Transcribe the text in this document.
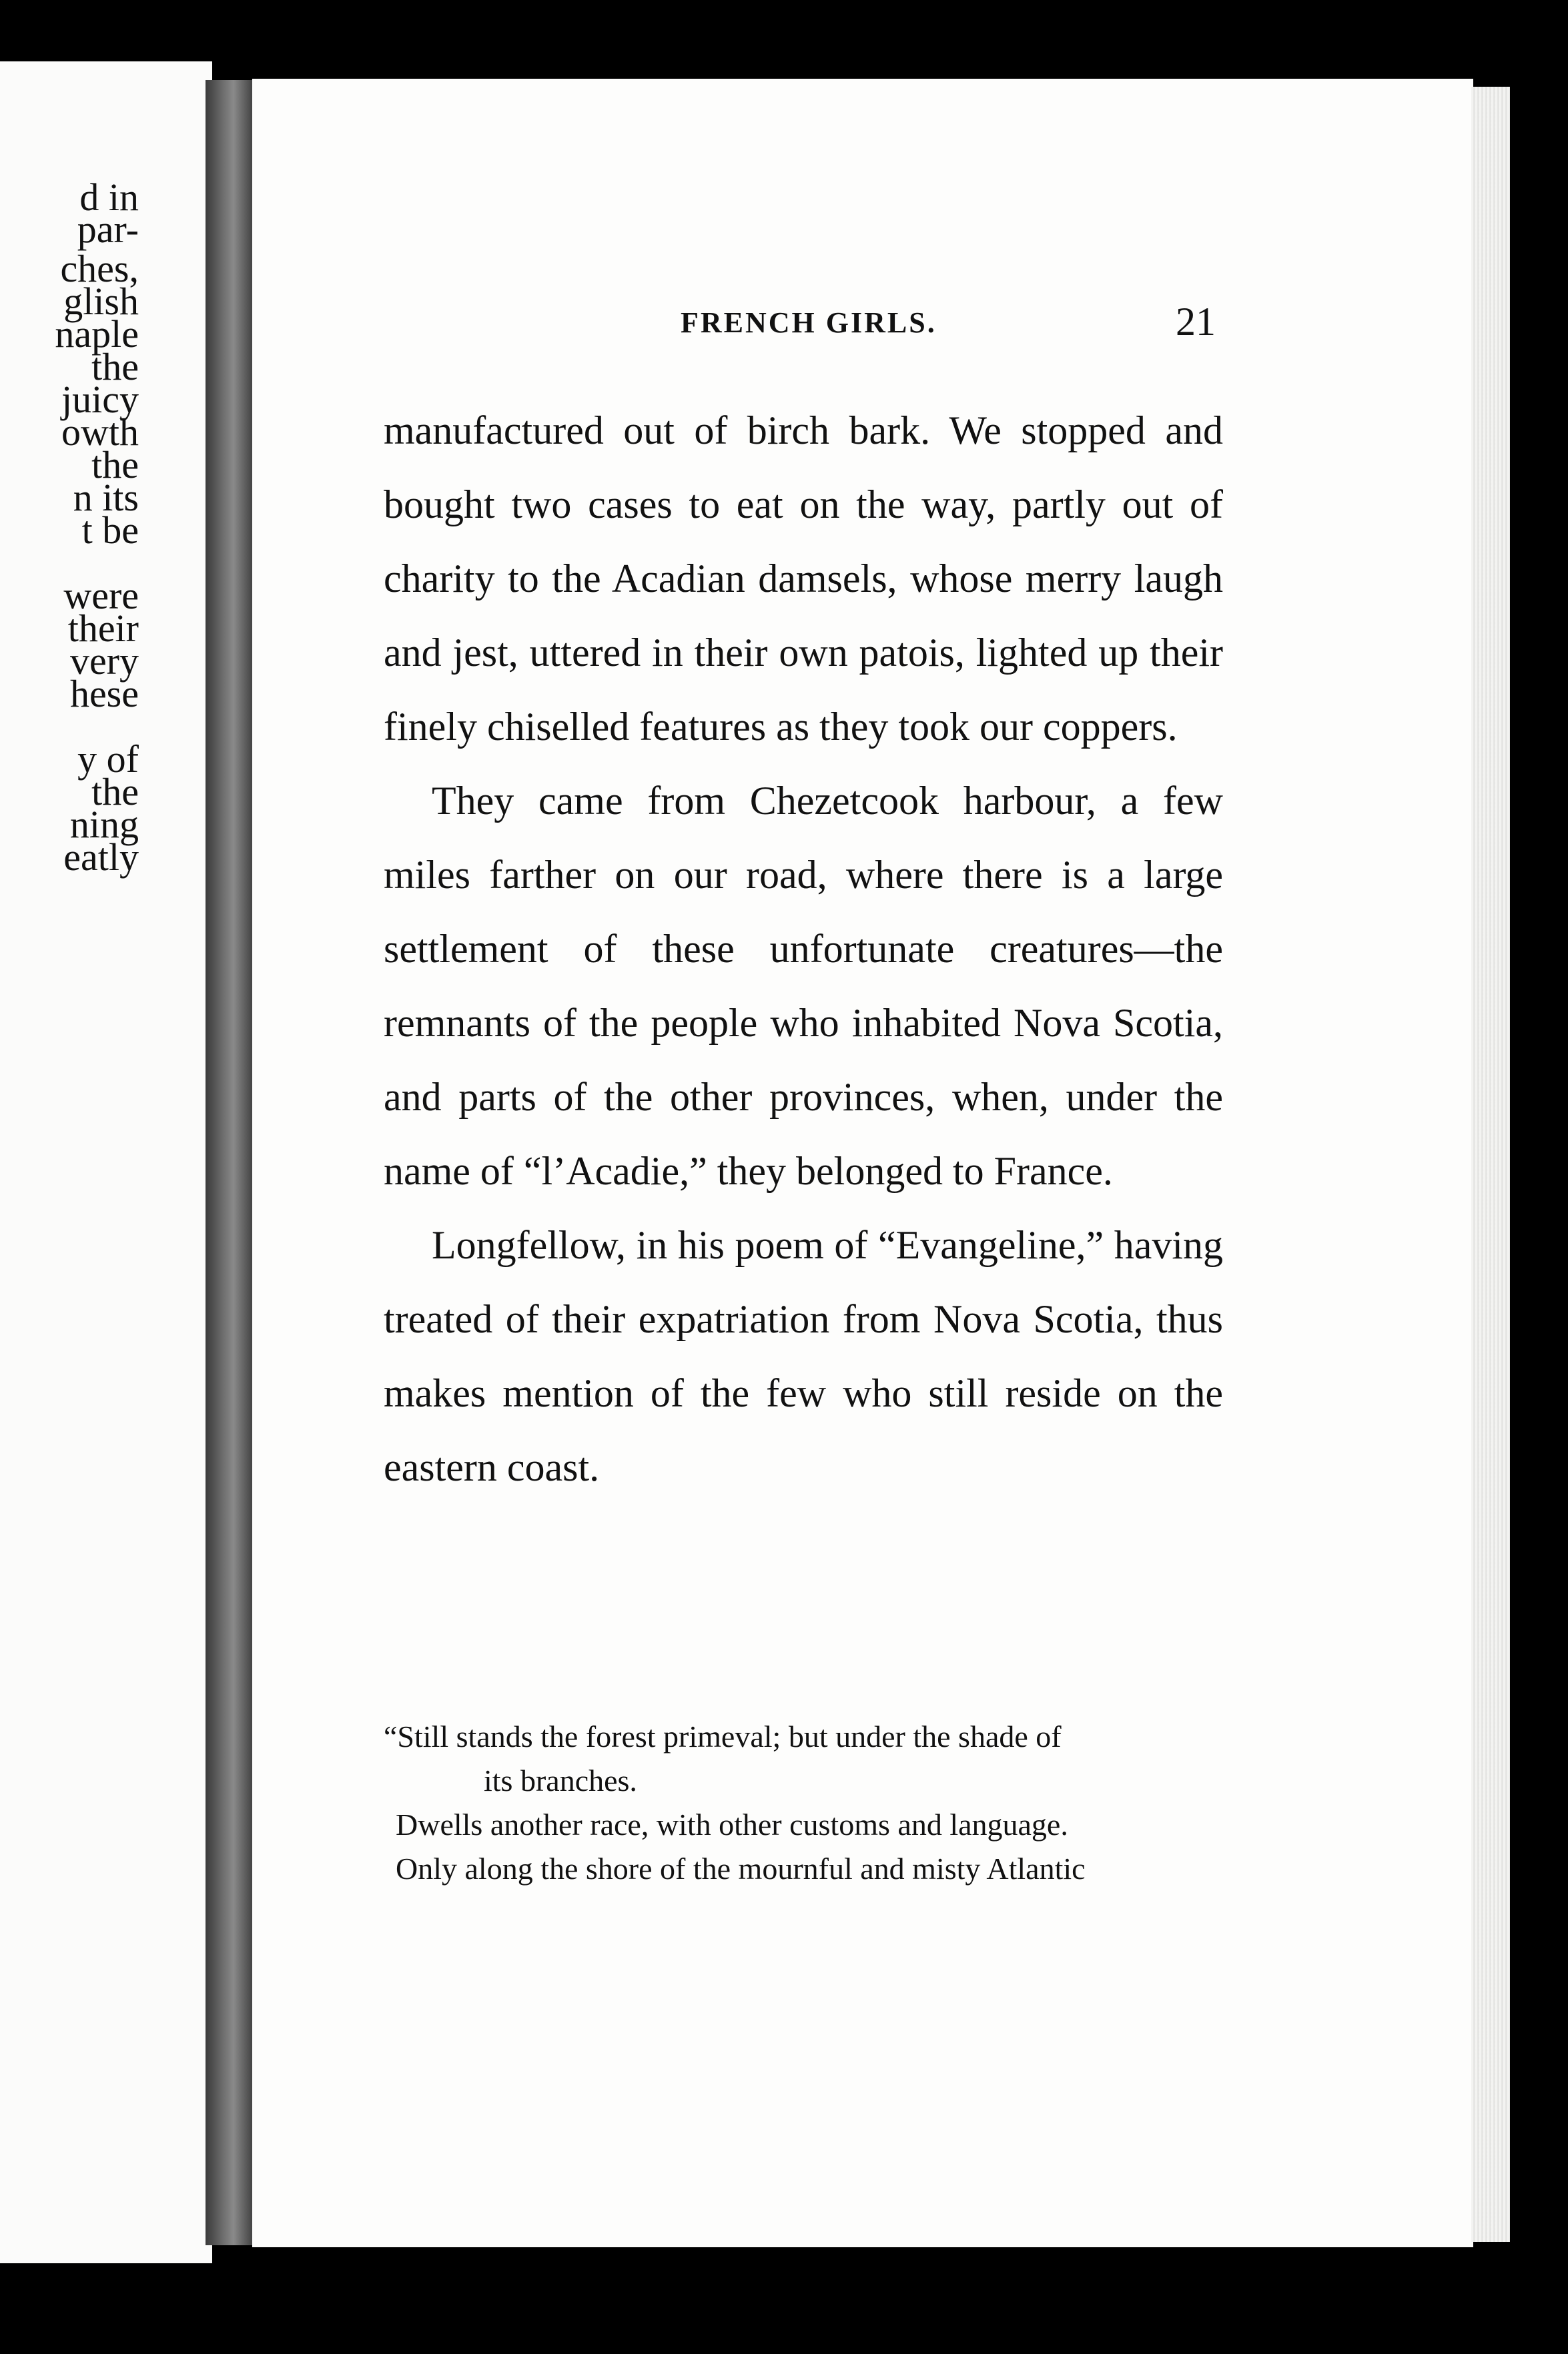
d in
par-
ches,
glish
naple
the
juicy
owth
the
n its
t be
were
their
very
hese
y of
the
ning
eatly
FRENCH GIRLS.	21

manufactured out of birch bark. We stopped and bought two cases to eat on the way, partly out of charity to the Acadian damsels, whose merry laugh and jest, uttered in their own patois, lighted up their finely chiselled features as they took our coppers.

They came from Chezetcook harbour, a few miles farther on our road, where there is a large settlement of these unfortunate creatures—the remnants of the people who inhabited Nova Scotia, and parts of the other provinces, when, under the name of “l’Acadie,” they belonged to France.

Longfellow, in his poem of “Evangeline,” having treated of their expatriation from Nova Scotia, thus makes mention of the few who still reside on the eastern coast.

“Still stands the forest primeval; but under the shade of
its branches.
Dwells another race, with other customs and language.
Only along the shore of the mournful and misty Atlantic
